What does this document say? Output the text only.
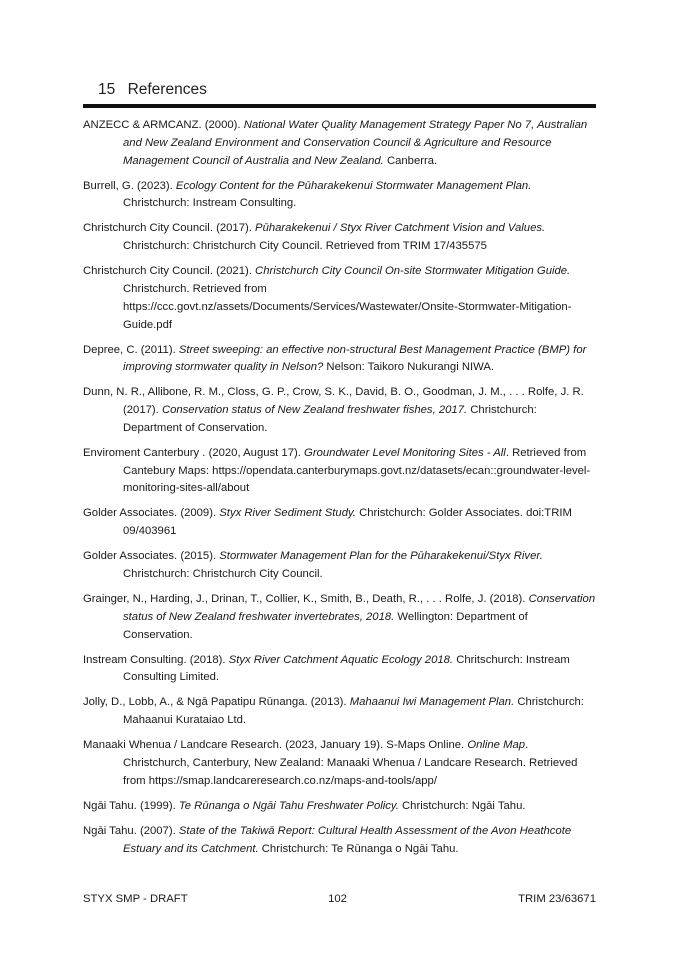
15 References

ANZECC & ARMCANZ. (2000). National Water Quality Management Strategy Paper No 7, Australian and New Zealand Environment and Conservation Council & Agriculture and Resource Management Council of Australia and New Zealand. Canberra.

Burrell, G. (2023). Ecology Content for the Pūharakekenui Stormwater Management Plan. Christchurch: Instream Consulting.

Christchurch City Council. (2017). Pūharakekenui / Styx River Catchment Vision and Values. Christchurch: Christchurch City Council. Retrieved from TRIM 17/435575

Christchurch City Council. (2021). Christchurch City Council On-site Stormwater Mitigation Guide. Christchurch. Retrieved from https://ccc.govt.nz/assets/Documents/Services/Wastewater/Onsite-Stormwater-Mitigation-Guide.pdf

Depree, C. (2011). Street sweeping: an effective non-structural Best Management Practice (BMP) for improving stormwater quality in Nelson? Nelson: Taikoro Nukurangi NIWA.

Dunn, N. R., Allibone, R. M., Closs, G. P., Crow, S. K., David, B. O., Goodman, J. M., . . . Rolfe, J. R. (2017). Conservation status of New Zealand freshwater fishes, 2017. Christchurch: Department of Conservation.

Enviroment Canterbury . (2020, August 17). Groundwater Level Monitoring Sites - All. Retrieved from Cantebury Maps: https://opendata.canterburymaps.govt.nz/datasets/ecan::groundwater-level-monitoring-sites-all/about

Golder Associates. (2009). Styx River Sediment Study. Christchurch: Golder Associates. doi:TRIM 09/403961

Golder Associates. (2015). Stormwater Management Plan for the Pūharakekenui/Styx River. Christchurch: Christchurch City Council.

Grainger, N., Harding, J., Drinan, T., Collier, K., Smith, B., Death, R., . . . Rolfe, J. (2018). Conservation status of New Zealand freshwater invertebrates, 2018. Wellington: Department of Conservation.

Instream Consulting. (2018). Styx River Catchment Aquatic Ecology 2018. Chritschurch: Instream Consulting Limited.

Jolly, D., Lobb, A., & Ngā Papatipu Rūnanga. (2013). Mahaanui Iwi Management Plan. Christchurch: Mahaanui Kurataiao Ltd.

Manaaki Whenua / Landcare Research. (2023, January 19). S-Maps Online. Online Map. Christchurch, Canterbury, New Zealand: Manaaki Whenua / Landcare Research. Retrieved from https://smap.landcareresearch.co.nz/maps-and-tools/app/

Ngāi Tahu. (1999). Te Rūnanga o Ngāi Tahu Freshwater Policy. Christchurch: Ngāi Tahu.

Ngāi Tahu. (2007). State of the Takiwā Report: Cultural Health Assessment of the Avon Heathcote Estuary and its Catchment. Christchurch: Te Rūnanga o Ngāi Tahu.

STYX SMP - DRAFT	102	TRIM 23/63671
